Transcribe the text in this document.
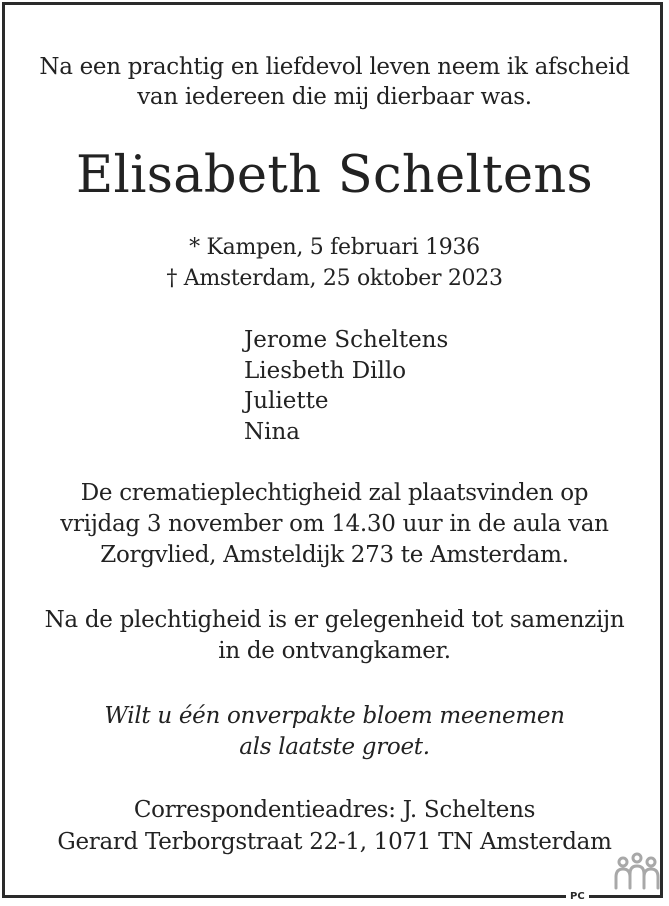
Na een prachtig en liefdevol leven neem ik afscheid
van iedereen die mij dierbaar was.
Elisabeth Scheltens
* Kampen, 5 februari 1936
† Amsterdam, 25 oktober 2023
Jerome Scheltens
Liesbeth Dillo
Juliette
Nina
De crematieplechtigheid zal plaatsvinden op
vrijdag 3 november om 14.30 uur in de aula van
Zorgvlied, Amsteldijk 273 te Amsterdam.
Na de plechtigheid is er gelegenheid tot samenzijn
in de ontvangkamer.
Wilt u één onverpakte bloem meenemen
als laatste groet.
Correspondentieadres: J. Scheltens
Gerard Terborgstraat 22-1, 1071 TN Amsterdam
PC
